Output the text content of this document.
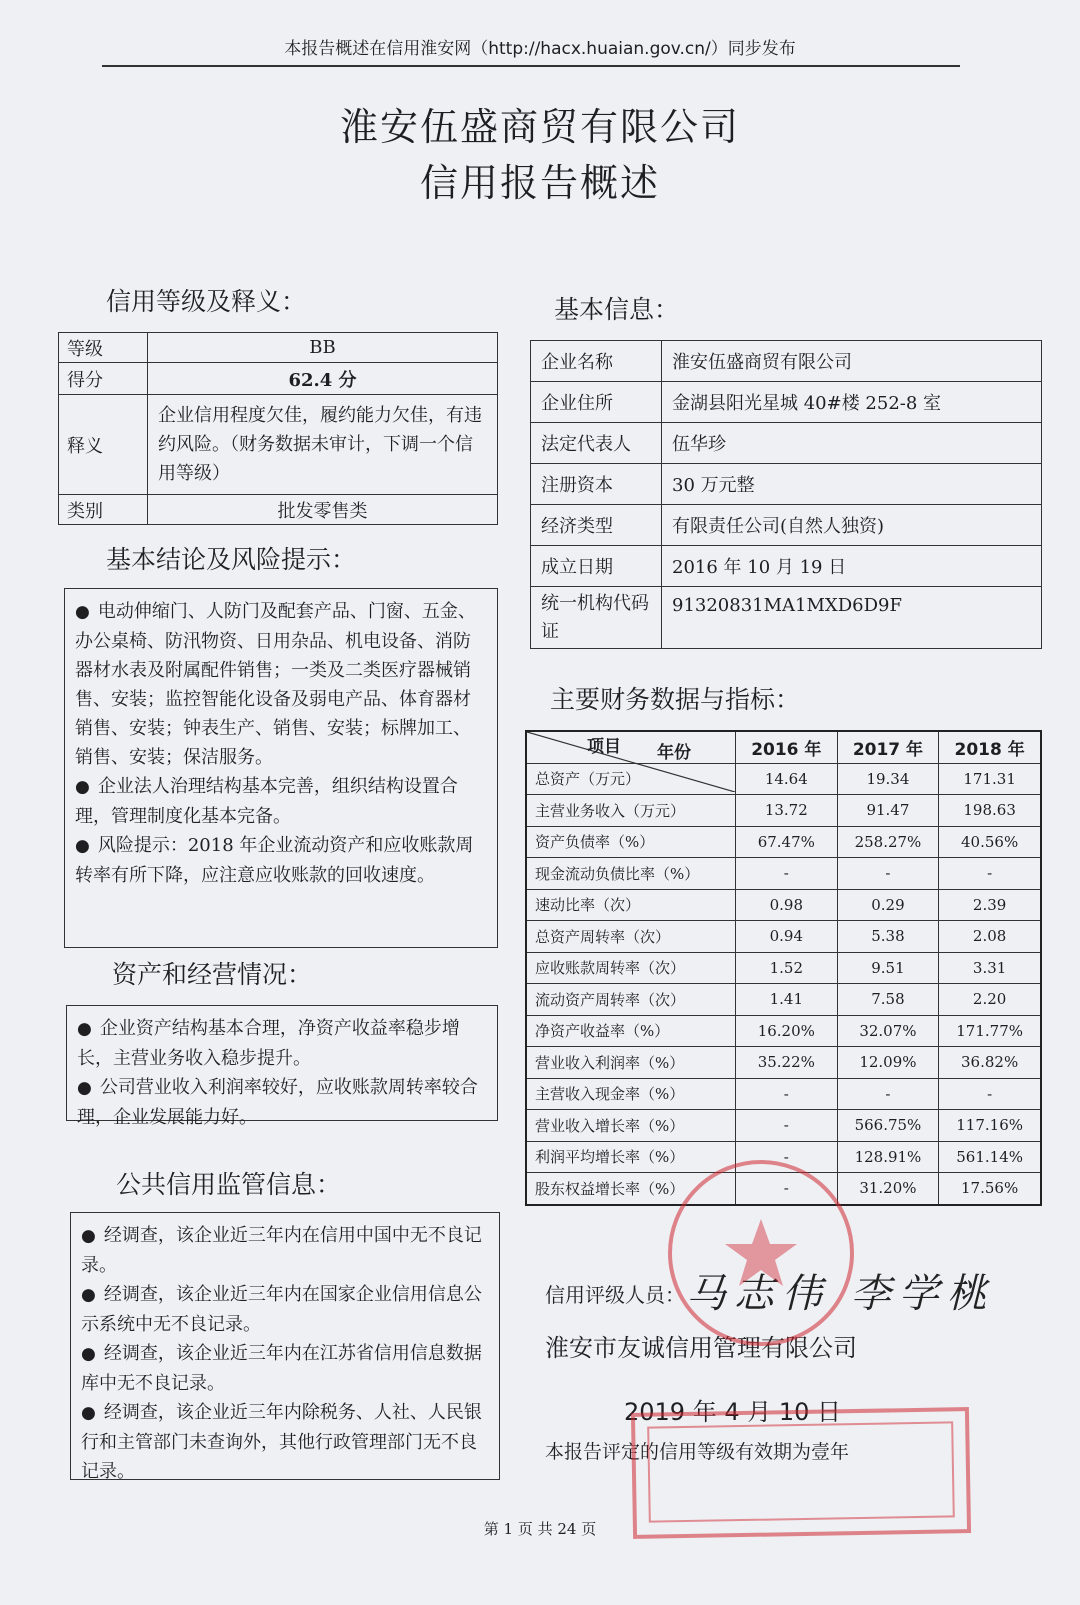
本报告概述在信用淮安网（http://hacx.huaian.gov.cn/）同步发布
淮安伍盛商贸有限公司
信用报告概述
信用等级及释义：
等级	BB
得分	62.4 分
释义	企业信用程度欠佳，履约能力欠佳，有违约风险。（财务数据未审计，下调一个信用等级）
类别	批发零售类
基本结论及风险提示：

● 电动伸缩门、人防门及配套产品、门窗、五金、办公桌椅、防汛物资、日用杂品、机电设备、消防器材水表及附属配件销售；一类及二类医疗器械销售、安装；监控智能化设备及弱电产品、体育器材销售、安装；钟表生产、销售、安装；标牌加工、销售、安装；保洁服务。

● 企业法人治理结构基本完善，组织结构设置合理，管理制度化基本完备。

● 风险提示：2018 年企业流动资产和应收账款周转率有所下降，应注意应收账款的回收速度。

资产和经营情况：

● 企业资产结构基本合理，净资产收益率稳步增长，主营业务收入稳步提升。

● 公司营业收入利润率较好，应收账款周转率较合理，企业发展能力好。

公共信用监管信息：

● 经调查，该企业近三年内在信用中国中无不良记录。

● 经调查，该企业近三年内在国家企业信用信息公示系统中无不良记录。

● 经调查，该企业近三年内在江苏省信用信息数据库中无不良记录。

● 经调查，该企业近三年内除税务、人社、人民银行和主管部门未查询外，其他行政管理部门无不良记录。

基本信息：
企业名称	淮安伍盛商贸有限公司
企业住所	金湖县阳光星城 40#楼 252-8 室
法定代表人	伍华珍
注册资本	30 万元整
经济类型	有限责任公司(自然人独资)
成立日期	2016 年 10 月 19 日
统一机构代码证	91320831MA1MXD6D9F
主要财务数据与指标：
年份
项目	2016 年	2017 年	2018 年
总资产（万元）	14.64	19.34	171.31
主营业务收入（万元）	13.72	91.47	198.63
资产负债率（%）	67.47%	258.27%	40.56%
现金流动负债比率（%）	-	-	-
速动比率（次）	0.98	0.29	2.39
总资产周转率（次）	0.94	5.38	2.08
应收账款周转率（次）	1.52	9.51	3.31
流动资产周转率（次）	1.41	7.58	2.20
净资产收益率（%）	16.20%	32.07%	171.77%
营业收入利润率（%）	35.22%	12.09%	36.82%
主营收入现金率（%）	-	-	-
营业收入增长率（%）	-	566.75%	117.16%
利润平均增长率（%）	-	128.91%	561.14%
股东权益增长率（%）	-	31.20%	17.56%
信用评级人员： 马志伟 李学桃
淮安市友诚信用管理有限公司
2019 年 4 月 10 日
本报告评定的信用等级有效期为壹年
第 1 页 共 24 页
